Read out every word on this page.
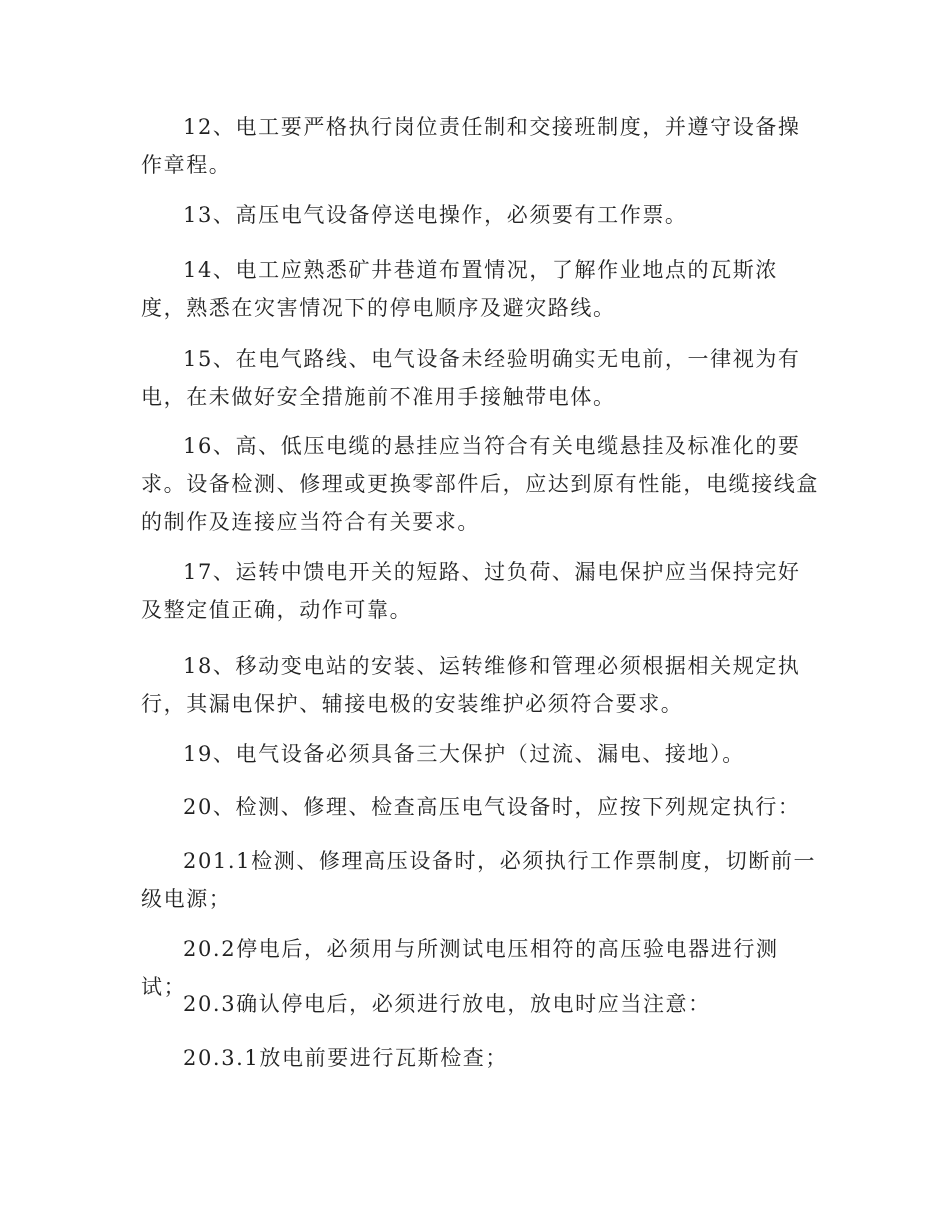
12、电工要严格执行岗位责任制和交接班制度，并遵守设备操作章程。

13、高压电气设备停送电操作，必须要有工作票。

14、电工应熟悉矿井巷道布置情况，了解作业地点的瓦斯浓度，熟悉在灾害情况下的停电顺序及避灾路线。

15、在电气路线、电气设备未经验明确实无电前，一律视为有电，在未做好安全措施前不准用手接触带电体。

16、高、低压电缆的悬挂应当符合有关电缆悬挂及标准化的要求。设备检测、修理或更换零部件后，应达到原有性能，电缆接线盒的制作及连接应当符合有关要求。

17、运转中馈电开关的短路、过负荷、漏电保护应当保持完好及整定值正确，动作可靠。

18、移动变电站的安装、运转维修和管理必须根据相关规定执行，其漏电保护、辅接电极的安装维护必须符合要求。

19、电气设备必须具备三大保护（过流、漏电、接地）。

20、检测、修理、检查高压电气设备时，应按下列规定执行：

201.1检测、修理高压设备时，必须执行工作票制度，切断前一级电源；

20.2停电后，必须用与所测试电压相符的高压验电器进行测试；

20.3确认停电后，必须进行放电，放电时应当注意：

20.3.1放电前要进行瓦斯检查；
